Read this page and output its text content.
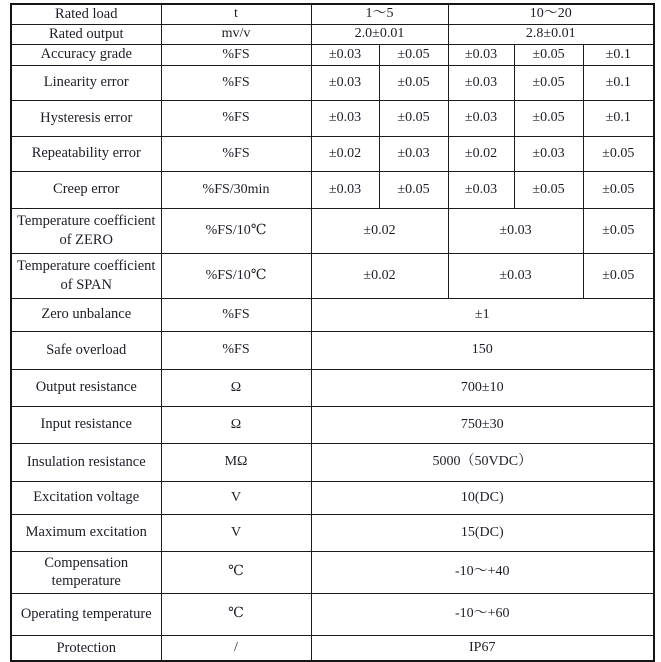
Rated load	t	1～5		10～20		
Rated output	mv/v	2.0±0.01		2.8±0.01		
Accuracy grade	%FS	±0.03	±0.05	±0.03	±0.05	±0.1
Linearity error	%FS	±0.03	±0.05	±0.03	±0.05	±0.1
Hysteresis error	%FS	±0.03	±0.05	±0.03	±0.05	±0.1
Repeatability error	%FS	±0.02	±0.03	±0.02	±0.03	±0.05
Creep error	%FS/30min	±0.03	±0.05	±0.03	±0.05	±0.05
Temperature coefficient of ZERO	%FS/10℃	±0.02		±0.03		±0.05
Temperature coefficient of SPAN	%FS/10℃	±0.02		±0.03		±0.05
Zero unbalance	%FS	±1				
Safe overload	%FS	150				
Output resistance	Ω	700±10				
Input resistance	Ω	750±30				
Insulation resistance	MΩ	5000（50VDC）				
Excitation voltage	V	10(DC)				
Maximum excitation	V	15(DC)				
Compensation temperature	℃	-10～+40				
Operating temperature	℃	-10～+60				
Protection	/	IP67				
